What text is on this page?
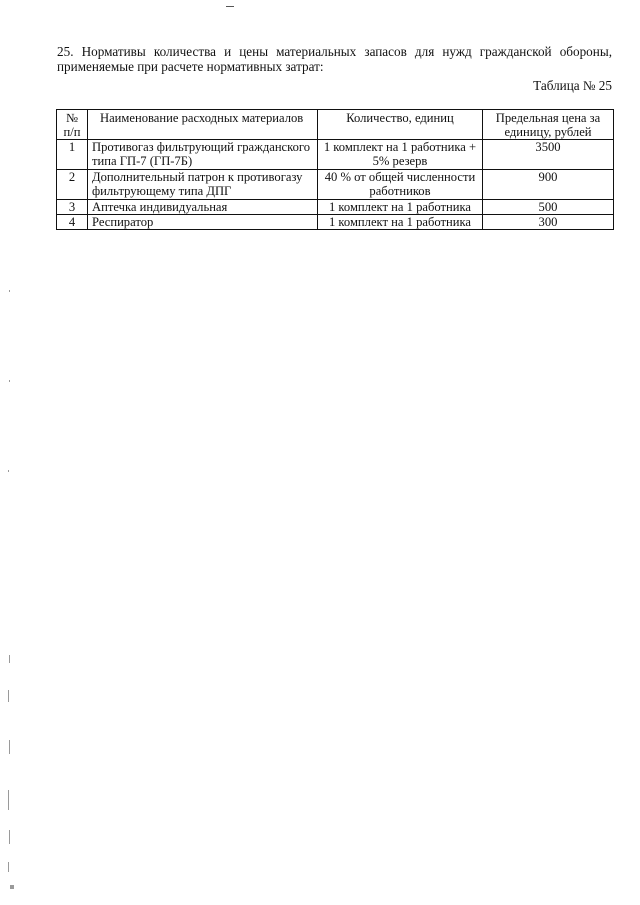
25. Нормативы количества и цены материальных запасов для нужд гражданской обороны, применяемые при расчете нормативных затрат:
Таблица № 25
№ п/п	Наименование расходных материалов	Количество, единиц	Предельная цена за единицу, рублей
1	Противогаз фильтрующий гражданского типа ГП-7 (ГП-7Б)	1 комплект на 1 работника + 5% резерв	3500
2	Дополнительный патрон к противогазу фильтрующему типа ДПГ	40 % от общей численности работников	900
3	Аптечка индивидуальная	1 комплект на 1 работника	500
4	Респиратор	1 комплект на 1 работника	300
